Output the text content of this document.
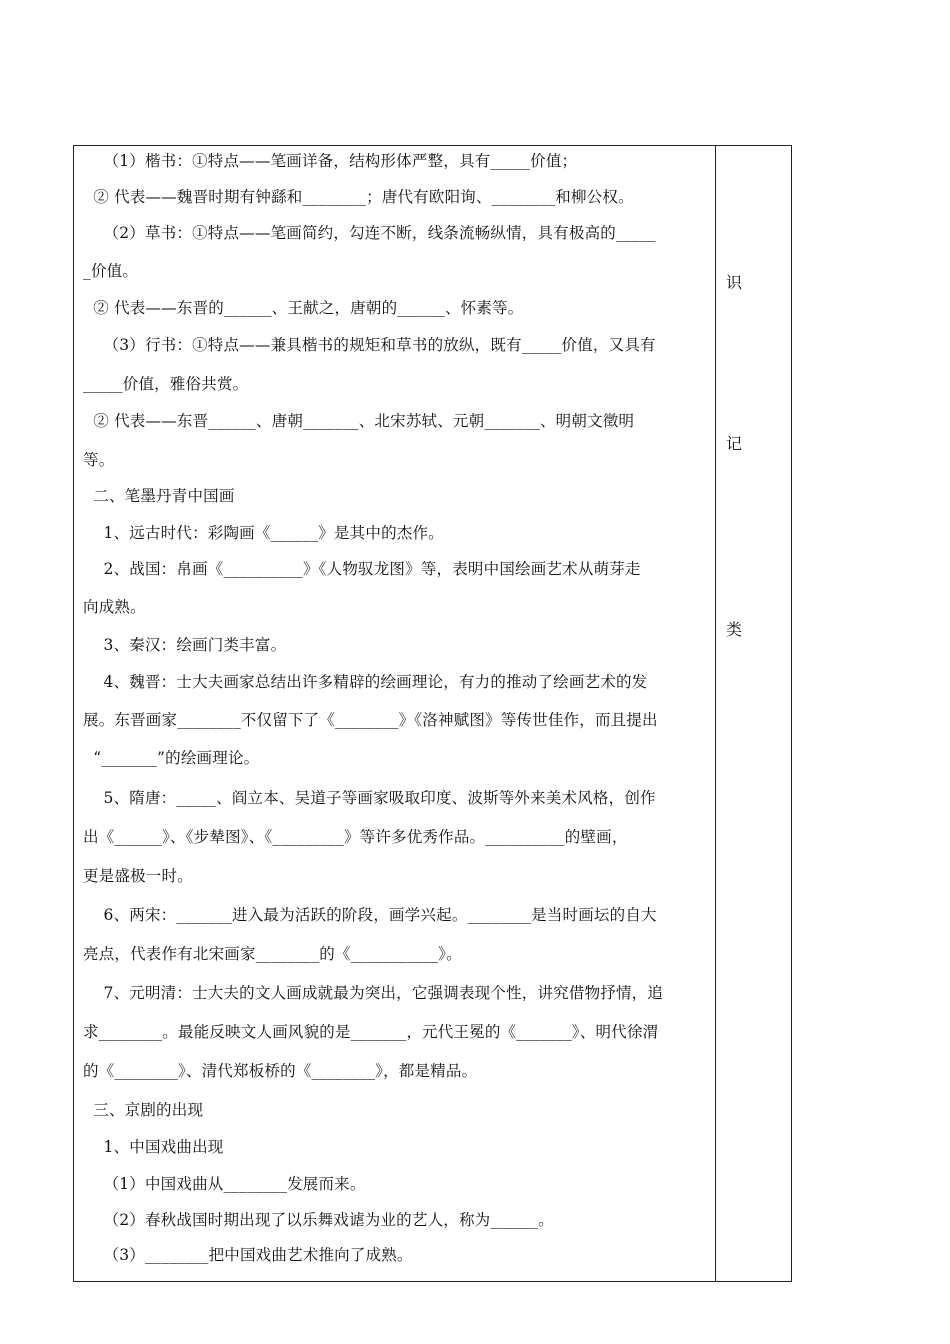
（1）楷书：①特点——笔画详备，结构形体严整，具有_____价值；
② 代表——魏晋时期有钟繇和________；唐代有欧阳询、________和柳公权。
（2）草书：①特点——笔画简约，勾连不断，线条流畅纵情，具有极高的_____
_价值。
② 代表——东晋的______、王献之，唐朝的______、怀素等。
（3）行书：①特点——兼具楷书的规矩和草书的放纵，既有_____价值，又具有
_____价值，雅俗共赏。
② 代表——东晋______、唐朝_______、北宋苏轼、元朝_______、明朝文徵明
等。
二、笔墨丹青中国画
1、远古时代：彩陶画《______》是其中的杰作。
2、战国：帛画《__________》《人物驭龙图》等，表明中国绘画艺术从萌芽走
向成熟。
3、秦汉：绘画门类丰富。
4、魏晋：士大夫画家总结出许多精辟的绘画理论，有力的推动了绘画艺术的发
展。东晋画家________不仅留下了《________》《洛神赋图》等传世佳作，而且提出
“_______”的绘画理论。
5、隋唐：_____、阎立本、吴道子等画家吸取印度、波斯等外来美术风格，创作
出《______》、《步辇图》、《_________》等许多优秀作品。__________的壁画，
更是盛极一时。
6、两宋：_______进入最为活跃的阶段，画学兴起。________是当时画坛的自大
亮点，代表作有北宋画家________的《___________》。
7、元明清：士大夫的文人画成就最为突出，它强调表现个性，讲究借物抒情，追
求________。最能反映文人画风貌的是_______，元代王冕的《_______》、明代徐渭
的《________》、清代郑板桥的《________》，都是精品。
三、京剧的出现
1、中国戏曲出现
（1）中国戏曲从________发展而来。
（2）春秋战国时期出现了以乐舞戏谑为业的艺人，称为______。
（3）________把中国戏曲艺术推向了成熟。
识
记
类
